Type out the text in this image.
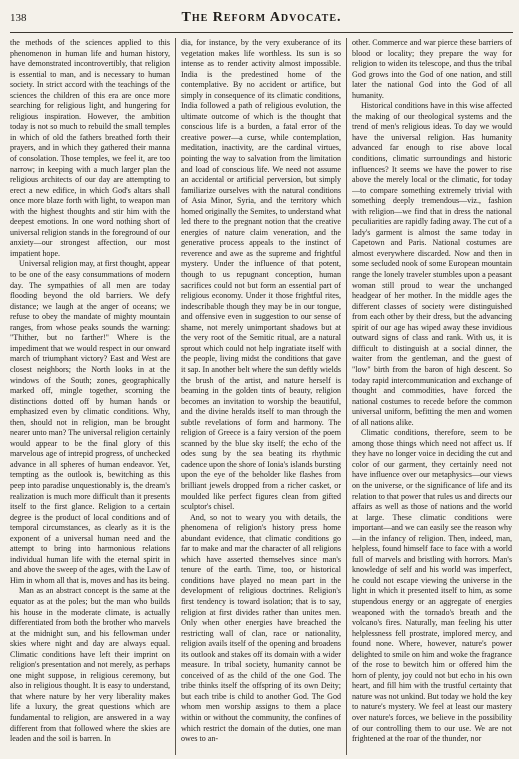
138	The Reform Advocate.

the methods of the sciences applied to this phenomenon in human life and human history, have demonstrated incontrovertibly, that religion is essential to man, and is necessary to human society. In strict accord with the teachings of the sciences the children of this era are once more searching for religious light, and hungering for religious inspiration. However, the ambition today is not so much to rebuild the small temples in which of old the fathers breathed forth their prayers, and in which they gathered their manna of consolation. Those temples, we feel it, are too narrow; in keeping with a much larger plan the religious architects of our day are attempting to erect a new edifice, in which God's altars shall once more blaze forth with light, to weapon man with the highest thoughts and stir him with the deepest emotions. In one word nothing short of universal religion stands in the foreground of our anxiety—our strongest affection, our most impatient hope.

Universal religion may, at first thought, appear to be one of the easy consummations of modern day. The sympathies of all men are today flooding beyond the old barriers. We defy distance; we laugh at the anger of oceans; we refuse to obey the mandate of mighty mountain ranges, from whose peaks sounds the warning: "Thither, but no farther!" Where is the impediment that we would respect in our onward march of triumphant victory? East and West are closest neighbors; the North looks in at the windows of the South; zones, geographically marked off, mingle together, scorning the distinctions dotted off by human hands or emphasized even by climatic conditions. Why, then, should not in religion, man be brought nearer unto man? The universal religion certainly would appear to be the final glory of this marvelous age of intrepid progress, of unchecked advance in all spheres of human endeavor. Yet, tempting as the outlook is, bewitching as this peep into paradise unquestionably is, the dream's realization is much more difficult than it presents itself to the first glance. Religion to a certain degree is the product of local conditions and of temporal circumstances, as clearly as it is the exponent of a universal human need and the attempt to bring into harmonious relations individual human life with the eternal spirit in and above the sweep of the ages, with the Law of Him in whom all that is, moves and has its being.

Man as an abstract concept is the same at the equator as at the poles; but the man who builds his house in the moderate climate, is actually differentiated from both the brother who marvels at the midnight sun, and his fellowman under skies where night and day are always equal. Climatic conditions have left their imprint on religion's presentation and not merely, as perhaps one might suppose, in religious ceremony, but also in religious thought. It is easy to understand, that where nature by her very liberality makes life a luxury, the great questions which are fundamental to religion, are answered in a way different from that followed where the skies are leaden and the soil is barren. In

dia, for instance, by the very exuberance of its vegetation makes life worthless. Its sun is so intense as to render activity almost impossible. India is the predestined home of the contemplative. By no accident or artifice, but simply in consequence of its climatic conditions, India followed a path of religious evolution, the ultimate outcome of which is the thought that conscious life is a burden, a fatal error of the creative power—a curse, while contemplation, meditation, inactivity, are the cardinal virtues, pointing the way to salvation from the limitation and load of conscious life. We need not assume an accidental or artificial perversion, but simply familiarize ourselves with the natural conditions of Asia Minor, Syria, and the territory which homed originally the Semites, to understand what led there to the pregnant notion that the creative energies of nature claim veneration, and the generative process appeals to the instinct of reverence and awe as the supreme and frightful mystery. Under the influence of that potent, though to us repugnant conception, human sacrifices could not but form an essential part of religious economy. Under it those frightful rites, indescribable though they may be in our tongue, and offensive even in suggestion to our sense of shame, not merely unimportant shadows but at the very root of the Semitic ritual, are a natural sprout which could not help ingratiate itself with the people, living midst the conditions that gave it sap. In another belt where the sun deftly wields the brush of the artist, and nature herself is beaming in the golden tints of beauty, religion becomes an invitation to worship the beautiful, and the divine heralds itself to man through the subtle revelations of form and harmony. The religion of Greece is a fairy version of the poem scanned by the blue sky itself; the echo of the odes sung by the sea beating its rhythmic cadence upon the shore of Ionia's islands bursting upon the eye of the beholder like flashes from brilliant jewels dropped from a richer casket, or moulded like perfect figures clean from gifted sculptor's chisel.

And, so not to weary you with details, the phenomena of religion's history press home abundant evidence, that climatic conditions go far to make and mar the character of all religions which have asserted themselves since man's tenure of the earth. Time, too, or historical conditions have played no mean part in the development of religious doctrines. Religion's first tendency is toward isolation; that is to say, religion at first divides rather than unites men. Only when other energies have breached the restricting wall of clan, race or nationality, religion avails itself of the opening and broadens its outlook and stakes off its domain with a wider measure. In tribal society, humanity cannot be conceived of as the child of the one God. The tribe thinks itself the offspring of its own Deity; but each tribe is child to another God. The God whom men worship assigns to them a place within or without the community, the confines of which restrict the domain of the duties, one man owes to an-

other. Commerce and war pierce these barriers of blood or locality; they prepare the way for religion to widen its telescope, and thus the tribal God grows into the God of one nation, and still later the national God into the God of all humanity.

Historical conditions have in this wise affected the making of our theological systems and the trend of men's religious ideas. To day we would have the universal religion. Has humanity advanced far enough to rise above local conditions, climatic surroundings and historic influences? It seems we have the power to rise above the merely local or the climatic, for today—to compare something extremely trivial with something deeply tremendous—viz., fashion with religion—we find that in dress the national peculiarities are rapidly fading away. The cut of a lady's garment is almost the same today in Capetown and Paris. National costumes are almost everywhere discarded. Now and then in some secluded nook of some European mountain range the lonely traveler stumbles upon a peasant woman still proud to wear the unchanged headgear of her mother. In the middle ages the different classes of society were distinguished from each other by their dress, but the advancing spirit of our age has wiped away these invidious outward signs of class and rank. With us, it is difficult to distinguish at a social dinner, the waiter from the gentleman, and the guest of "low" birth from the baron of high descent. So today rapid intercommunication and exchange of thought and commodities, have forced the national costumes to recede before the common universal uniform, befitting the men and women of all nations alike.

Climatic conditions, therefore, seem to be among those things which need not affect us. If they have no longer voice in deciding the cut and color of our garment, they certainly need not have influence over our metaphysics—our views on the universe, or the significance of life and its relation to that power that rules us and directs our affairs as well as those of nations and the world at large. These climatic conditions were important—and we can easily see the reason why—in the infancy of religion. Then, indeed, man, helpless, found himself face to face with a world full of marvels and bristling with horrors. Man's knowledge of self and his world was imperfect, he could not escape viewing the universe in the light in which it presented itself to him, as some stupendous energy or an aggregate of energies weaponed with the tornado's breath and the volcano's fires. Naturally, man feeling his utter helplessness fell prostrate, implored mercy, and found none. Where, however, nature's power delighted to smile on him and woke the fragrance of the rose to bewitch him or offered him the horn of plenty, joy could not but echo in his own heart, and fill him with the trustful certainty that nature was not unkind. But today we hold the key to nature's mystery. We feel at least our mastery over nature's forces, we believe in the possibility of our controlling them to our use. We are not frightened at the roar of the thunder, nor
